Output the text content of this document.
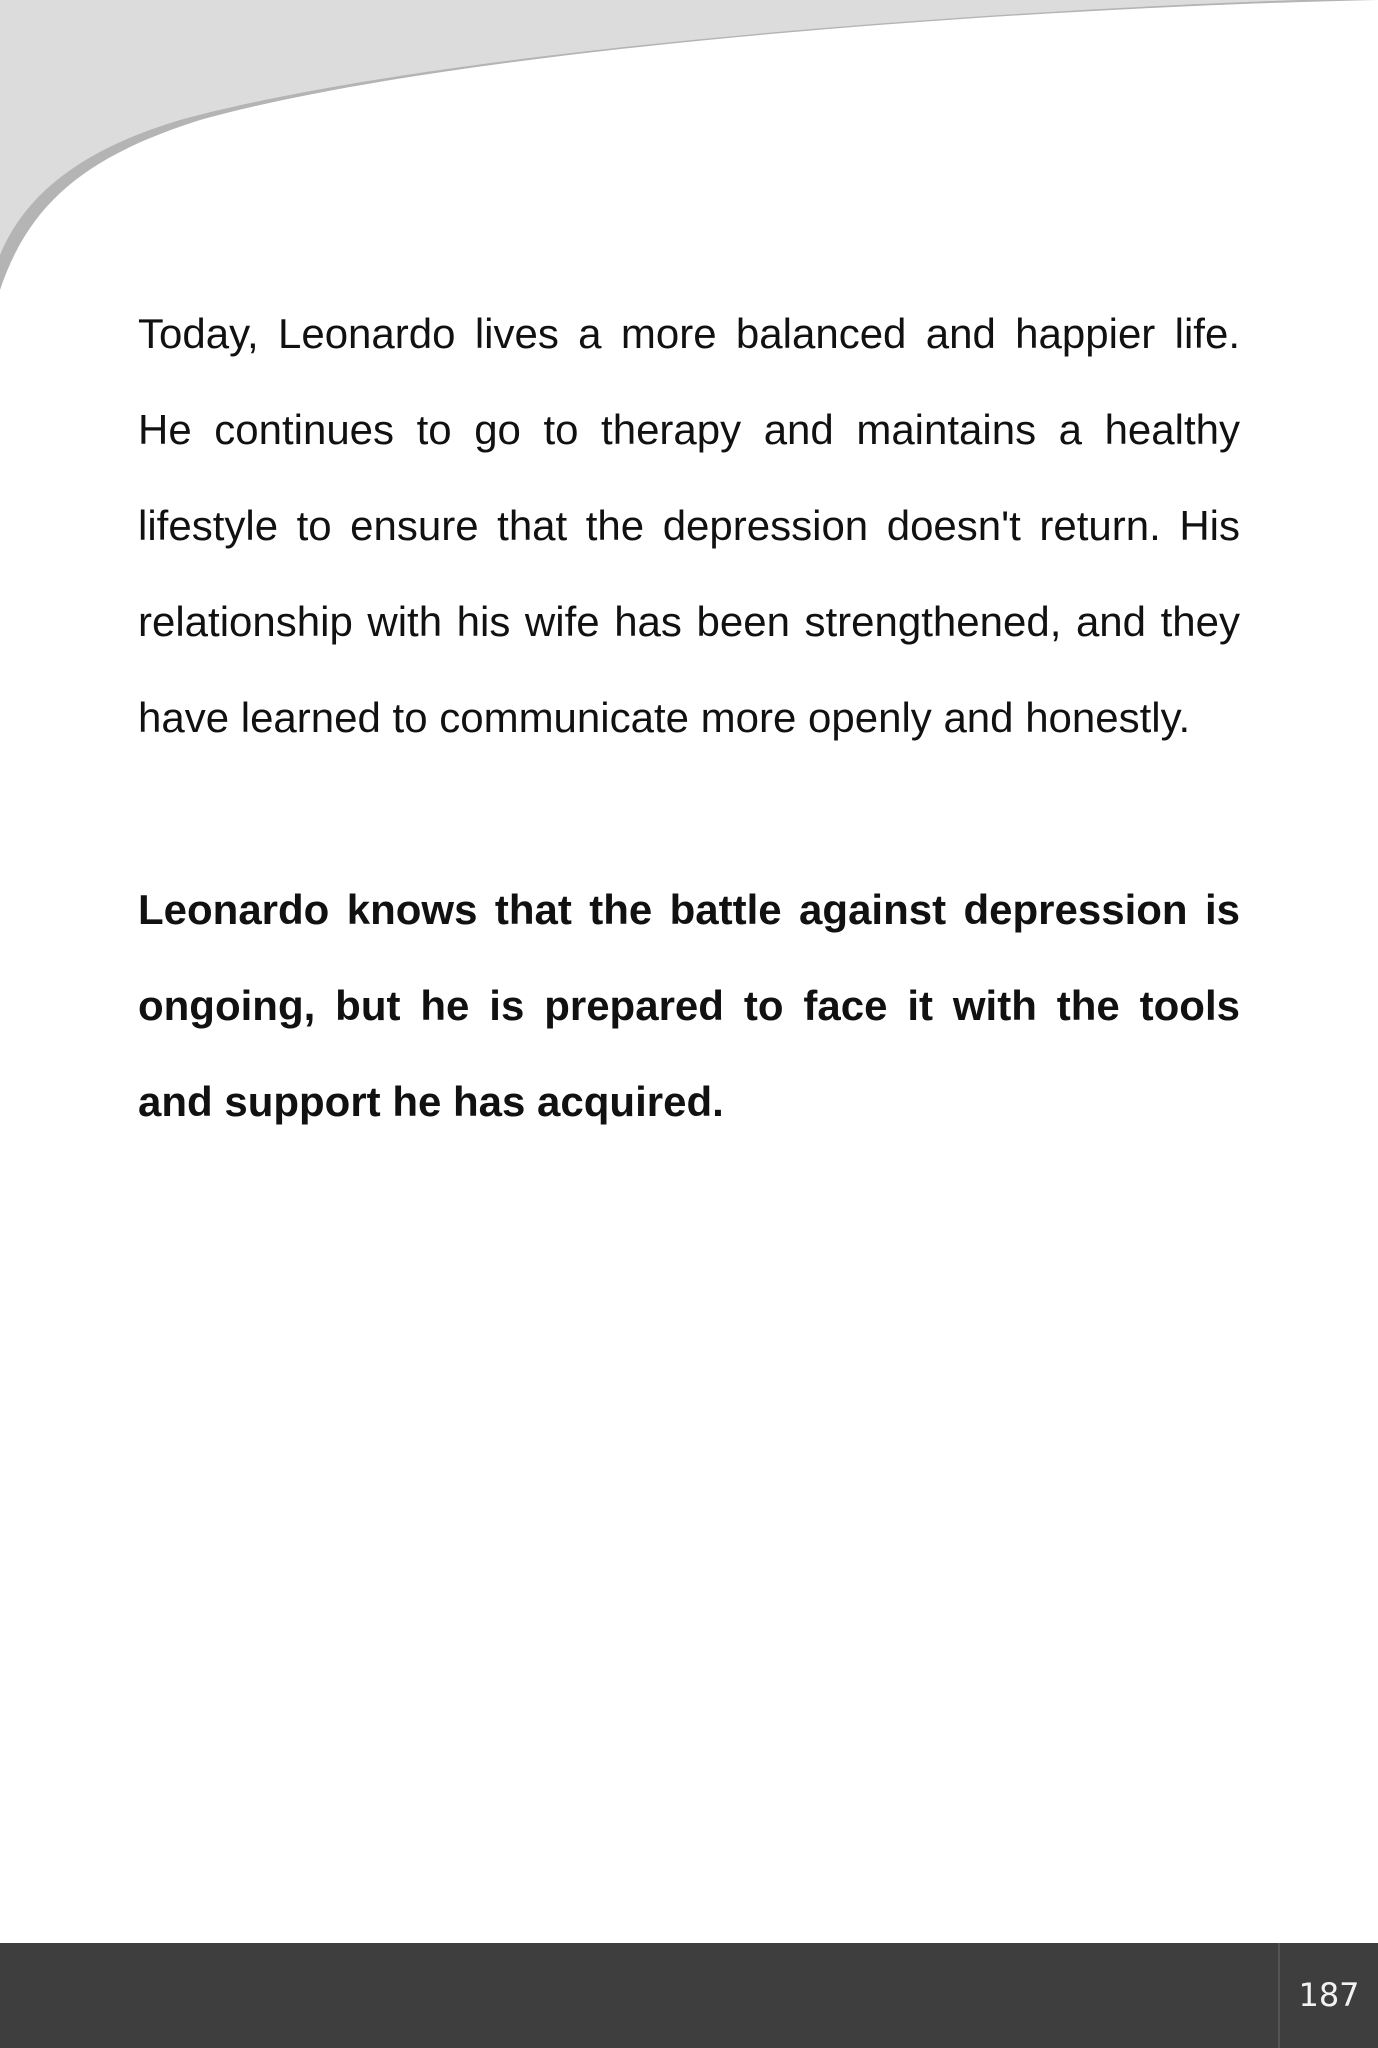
Today, Leonardo lives a more balanced and happier life. He continues to go to therapy and maintains a healthy lifestyle to ensure that the depression doesn't return. His relationship with his wife has been strengthened, and they have learned to communicate more openly and honestly.

Leonardo knows that the battle against depression is ongoing, but he is prepared to face it with the tools and support he has acquired.

187
